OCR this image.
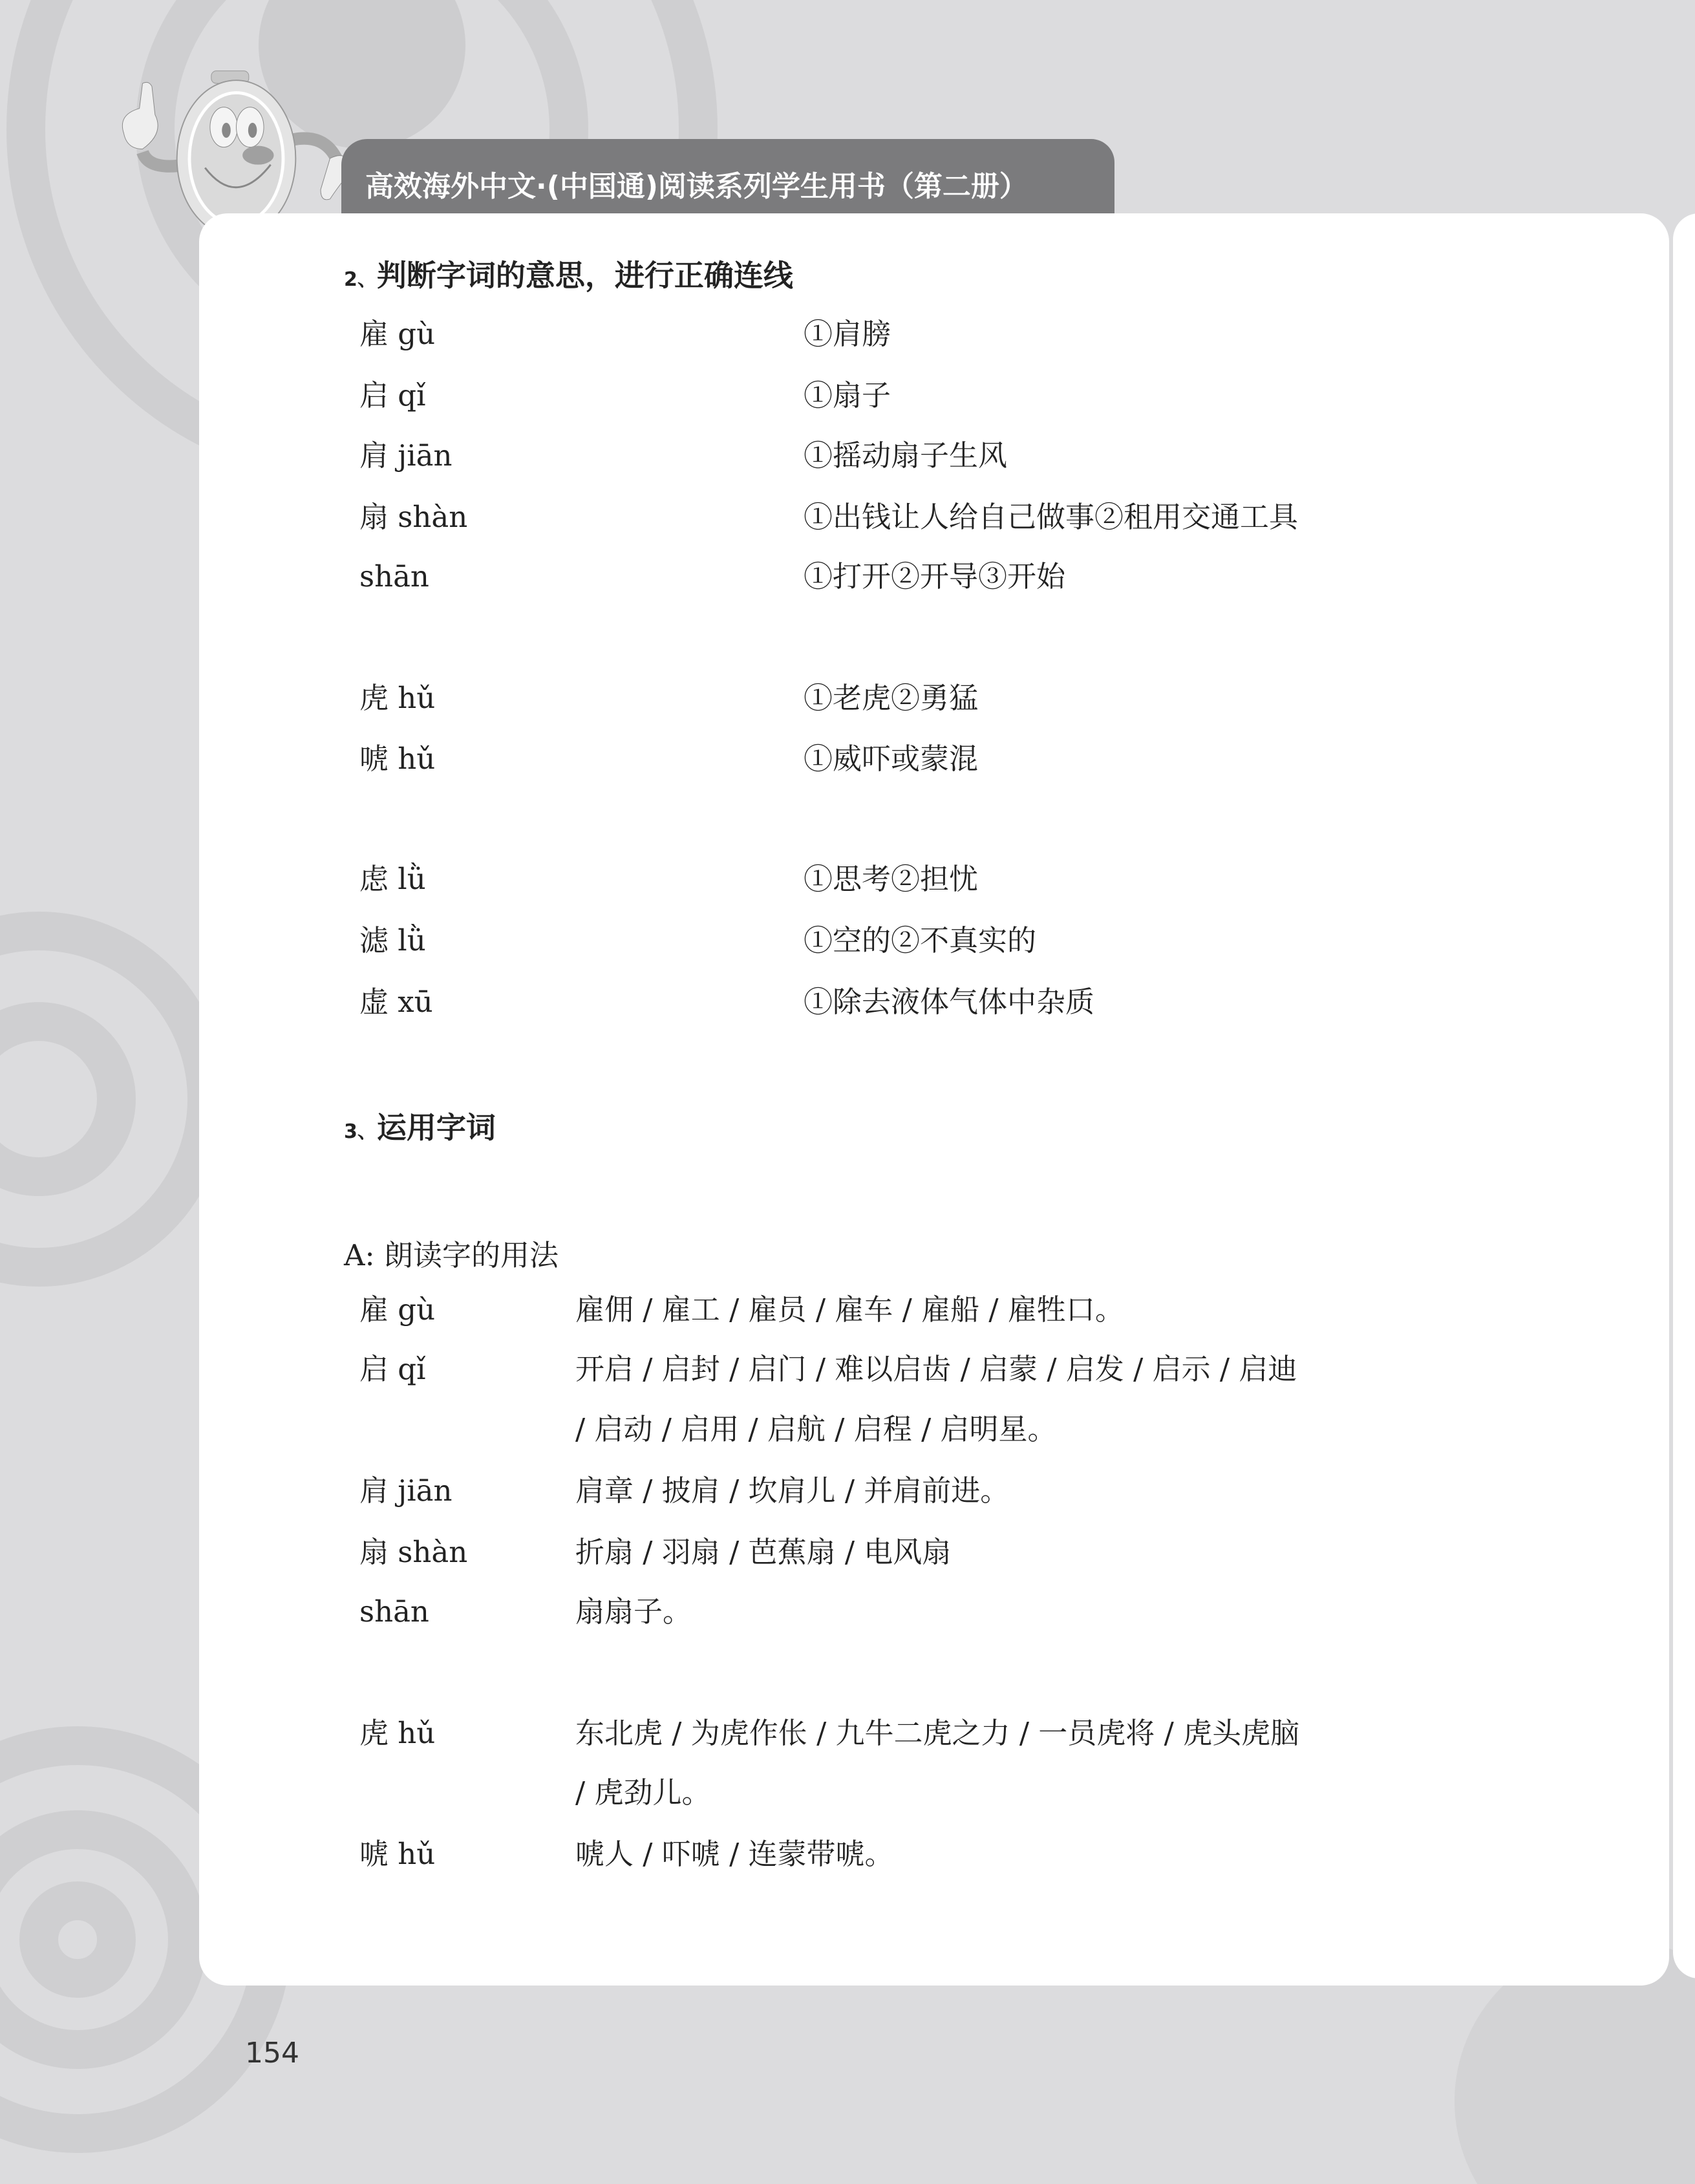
高效海外中文·(中国通)阅读系列学生用书（第二册）
2、判断字词的意思，进行正确连线
雇 gù	①肩膀
启 qǐ	①扇子
肩 jiān	①摇动扇子生风
扇 shàn	①出钱让人给自己做事②租用交通工具
shān	①打开②开导③开始
虎 hǔ	①老虎②勇猛
唬 hǔ	①威吓或蒙混
虑 lǜ	①思考②担忧
滤 lǜ	①空的②不真实的
虚 xū	①除去液体气体中杂质
3、运用字词
A: 朗读字的用法
雇 gù	雇佣 / 雇工 / 雇员 / 雇车 / 雇船 / 雇牲口。
启 qǐ	开启 / 启封 / 启门 / 难以启齿 / 启蒙 / 启发 / 启示 / 启迪
/ 启动 / 启用 / 启航 / 启程 / 启明星。
肩 jiān	肩章 / 披肩 / 坎肩儿 / 并肩前进。
扇 shàn	折扇 / 羽扇 / 芭蕉扇 / 电风扇
shān	扇扇子。
虎 hǔ	东北虎 / 为虎作伥 / 九牛二虎之力 / 一员虎将 / 虎头虎脑
/ 虎劲儿。
唬 hǔ	唬人 / 吓唬 / 连蒙带唬。
154
